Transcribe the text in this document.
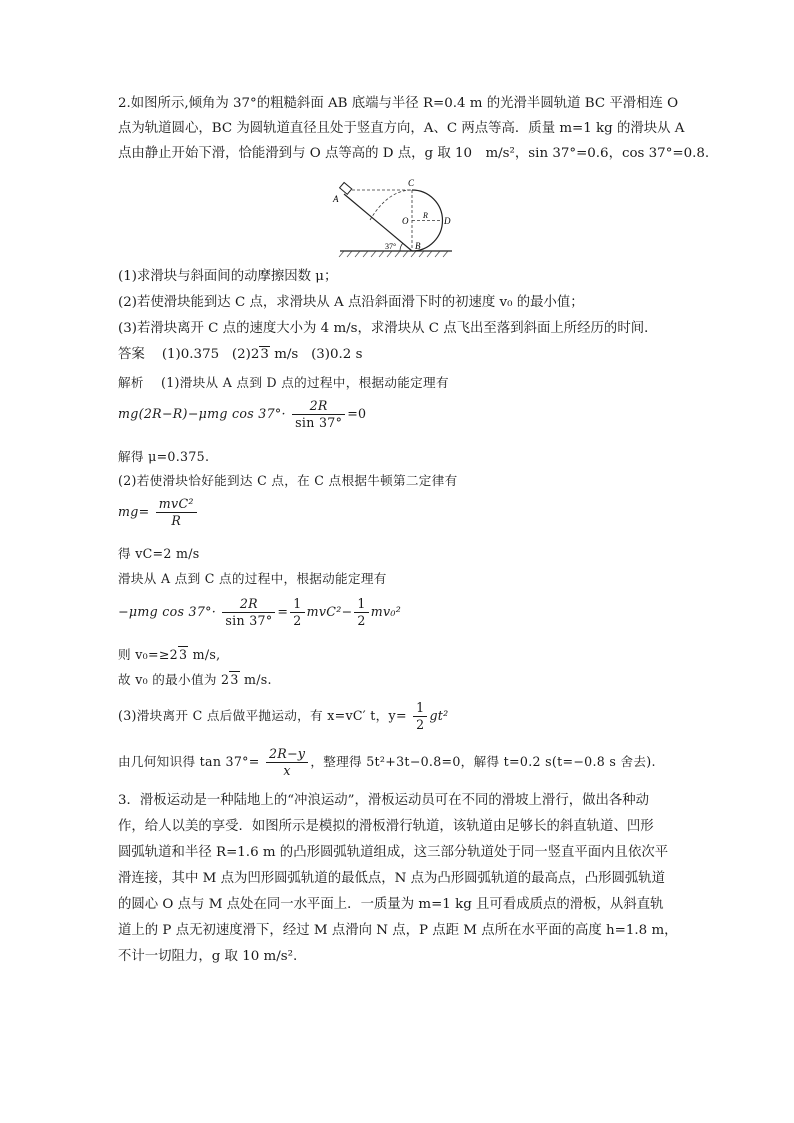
2.如图所示,倾角为 37°的粗糙斜面 AB 底端与半径 R=0.4 m 的光滑半圆轨道 BC 平滑相连 O
点为轨道圆心，BC 为圆轨道直径且处于竖直方向，A、C 两点等高．质量 m=1 kg 的滑块从 A
点由静止开始下滑，恰能滑到与 O 点等高的 D 点，g 取 10　m/s²，sin 37°=0.6，cos 37°=0.8.
A
C
O
R
D
B
37°
(1)求滑块与斜面间的动摩擦因数 μ；
(2)若使滑块能到达 C 点，求滑块从 A 点沿斜面滑下时的初速度 v₀ 的最小值；
(3)若滑块离开 C 点的速度大小为 4 m/s，求滑块从 C 点飞出至落到斜面上所经历的时间．
答案 (1)0.375 (2)23 m/s (3)0.2 s
解析 (1)滑块从 A 点到 D 点的过程中，根据动能定理有
mg(2R−R)−μmg $\cos 37^\circ\cdot \frac{2R}{\sin 37^\circ} =0$
解得 μ=0.375.
(2)若使滑块恰好能到达 C 点，在 C 点根据牛顿第二定律有
$mg= \frac{\text{mvC²}}{R}$
得 vC=2 m/s
滑块从 A 点到 C 点的过程中，根据动能定理有
−μmg $\cos 37^\circ\cdot \frac{2R}{\sin 37^\circ} = \frac{1}{2} mvC^2- \frac{1}{2} mv_0^2$
则 v₀=≥23 m/s,
故 v₀ 的最小值为 23 m/s.
(3)滑块离开 C 点后做平抛运动，有 x=vC′ t，$y= \frac{1}{2} gt^2$
由几何知识得 $\tan 37^\circ= \frac{2R-y}{x}$ ，整理得 5t²+3t−0.8=0，解得 t=0.2 s(t=−0.8 s 舍去).
3．滑板运动是一种陆地上的“冲浪运动”，滑板运动员可在不同的滑坡上滑行，做出各种动
作，给人以美的享受．如图所示是模拟的滑板滑行轨道，该轨道由足够长的斜直轨道、凹形
圆弧轨道和半径 R=1.6 m 的凸形圆弧轨道组成，这三部分轨道处于同一竖直平面内且依次平
滑连接，其中 M 点为凹形圆弧轨道的最低点，N 点为凸形圆弧轨道的最高点，凸形圆弧轨道
的圆心 O 点与 M 点处在同一水平面上．一质量为 m=1 kg 且可看成质点的滑板，从斜直轨
道上的 P 点无初速度滑下，经过 M 点滑向 N 点，P 点距 M 点所在水平面的高度 h=1.8 m，
不计一切阻力，g 取 10 m/s².
